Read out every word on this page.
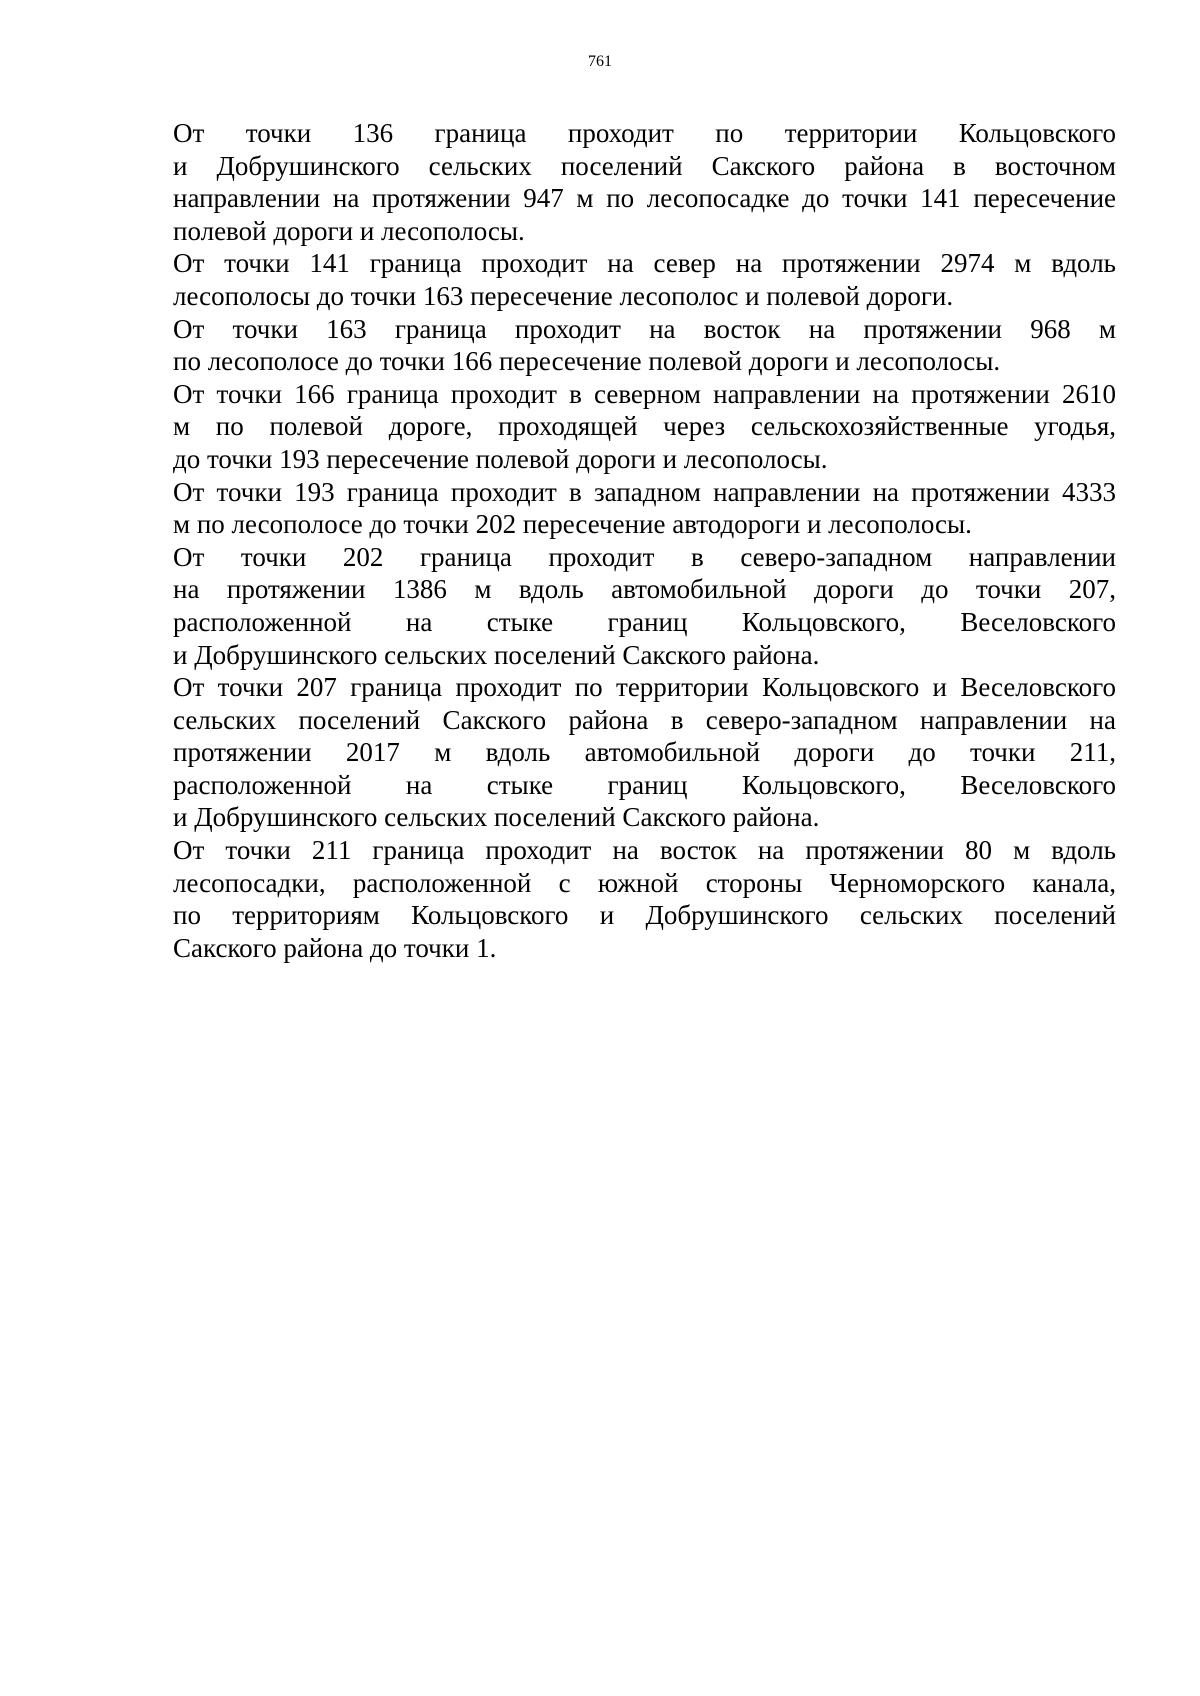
761

От точки 136 граница проходит по территории Кольцовского
и Добрушинского сельских поселений Сакского района в восточном
направлении на протяжении 947 м по лесопосадке до точки 141 пересечение
полевой дороги и лесополосы.

От точки 141 граница проходит на север на протяжении 2974 м вдоль
лесополосы до точки 163 пересечение лесополос и полевой дороги.

От точки 163 граница проходит на восток на протяжении 968 м
по лесополосе до точки 166 пересечение полевой дороги и лесополосы.

От точки 166 граница проходит в северном направлении на протяжении 2610
м по полевой дороге, проходящей через сельскохозяйственные угодья,
до точки 193 пересечение полевой дороги и лесополосы.

От точки 193 граница проходит в западном направлении на протяжении 4333
м по лесополосе до точки 202 пересечение автодороги и лесополосы.

От точки 202 граница проходит в северо-западном направлении
на протяжении 1386 м вдоль автомобильной дороги до точки 207,
расположенной на стыке границ Кольцовского, Веселовского
и Добрушинского сельских поселений Сакского района.

От точки 207 граница проходит по территории Кольцовского и Веселовского
сельских поселений Сакского района в северо-западном направлении на
протяжении 2017 м вдоль автомобильной дороги до точки 211,
расположенной на стыке границ Кольцовского, Веселовского
и Добрушинского сельских поселений Сакского района.

От точки 211 граница проходит на восток на протяжении 80 м вдоль
лесопосадки, расположенной с южной стороны Черноморского канала,
по территориям Кольцовского и Добрушинского сельских поселений
Сакского района до точки 1.
